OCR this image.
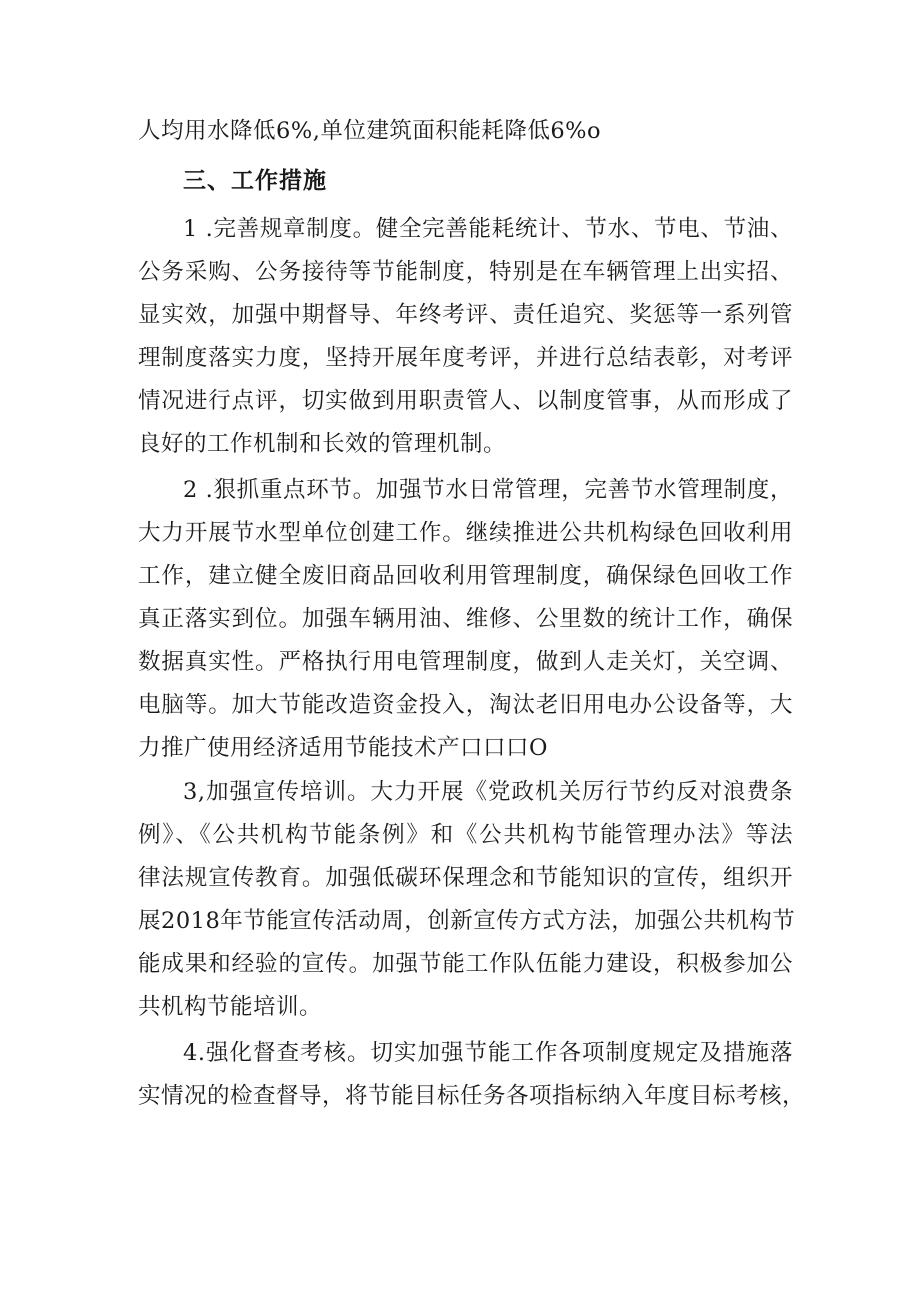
人均用水降低6%,单位建筑面积能耗降低6%o
三、工作措施
1 .完善规章制度。健全完善能耗统计、节水、节电、节油、
公务采购、公务接待等节能制度，特别是在车辆管理上出实招、
显实效，加强中期督导、年终考评、责任追究、奖惩等一系列管
理制度落实力度，坚持开展年度考评，并进行总结表彰，对考评
情况进行点评，切实做到用职责管人、以制度管事，从而形成了
良好的工作机制和长效的管理机制。
2 .狠抓重点环节。加强节水日常管理，完善节水管理制度，
大力开展节水型单位创建工作。继续推进公共机构绿色回收利用
工作，建立健全废旧商品回收利用管理制度，确保绿色回收工作
真正落实到位。加强车辆用油、维修、公里数的统计工作，确保
数据真实性。严格执行用电管理制度，做到人走关灯，关空调、
电脑等。加大节能改造资金投入，淘汰老旧用电办公设备等，大
力推广使用经济适用节能技术产口口口O
3,加强宣传培训。大力开展《党政机关厉行节约反对浪费条
例》、《公共机构节能条例》和《公共机构节能管理办法》等法
律法规宣传教育。加强低碳环保理念和节能知识的宣传，组织开
展2018年节能宣传活动周，创新宣传方式方法，加强公共机构节
能成果和经验的宣传。加强节能工作队伍能力建设，积极参加公
共机构节能培训。
4.强化督查考核。切实加强节能工作各项制度规定及措施落
实情况的检查督导，将节能目标任务各项指标纳入年度目标考核，
